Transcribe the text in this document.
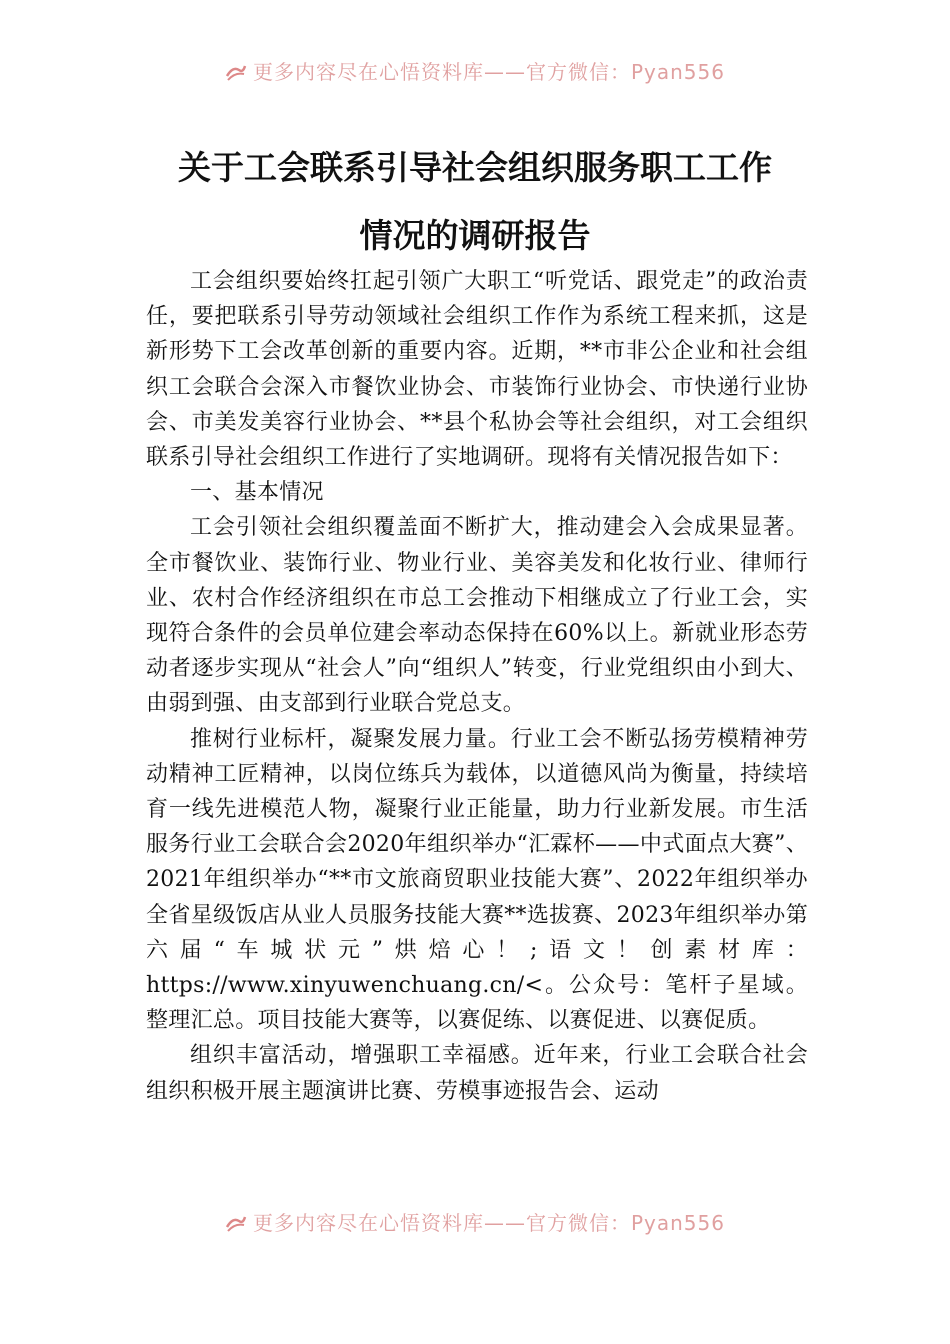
更多内容尽在心悟资料库——官方微信：Pyan556
关于工会联系引导社会组织服务职工工作
情况的调研报告

工会组织要始终扛起引领广大职工“听党话、跟党走”的政治责任，要把联系引导劳动领域社会组织工作作为系统工程来抓，这是新形势下工会改革创新的重要内容。近期，**市非公企业和社会组织工会联合会深入市餐饮业协会、市装饰行业协会、市快递行业协会、市美发美容行业协会、**县个私协会等社会组织，对工会组织联系引导社会组织工作进行了实地调研。现将有关情况报告如下：

一、基本情况

工会引领社会组织覆盖面不断扩大，推动建会入会成果显著。全市餐饮业、装饰行业、物业行业、美容美发和化妆行业、律师行业、农村合作经济组织在市总工会推动下相继成立了行业工会，实现符合条件的会员单位建会率动态保持在60%以上。新就业形态劳动者逐步实现从“社会人”向“组织人”转变，行业党组织由小到大、由弱到强、由支部到行业联合党总支。

推树行业标杆，凝聚发展力量。行业工会不断弘扬劳模精神劳动精神工匠精神，以岗位练兵为载体，以道德风尚为衡量，持续培育一线先进模范人物，凝聚行业正能量，助力行业新发展。市生活服务行业工会联合会2020年组织举办“汇霖杯——中式面点大赛”、2021年组织举办“**市文旅商贸职业技能大赛”、2022年组织举办全省星级饭店从业人员服务技能大赛**选拔赛、2023年组织举办第六届“车城状元”烘焙心！;语文！创素材库：https://www.xinyuwenchuang.cn/<。公众号：笔杆子星域。整理汇总。项目技能大赛等，以赛促练、以赛促进、以赛促质。

组织丰富活动，增强职工幸福感。近年来，行业工会联合社会组织积极开展主题演讲比赛、劳模事迹报告会、运动

更多内容尽在心悟资料库——官方微信：Pyan556
